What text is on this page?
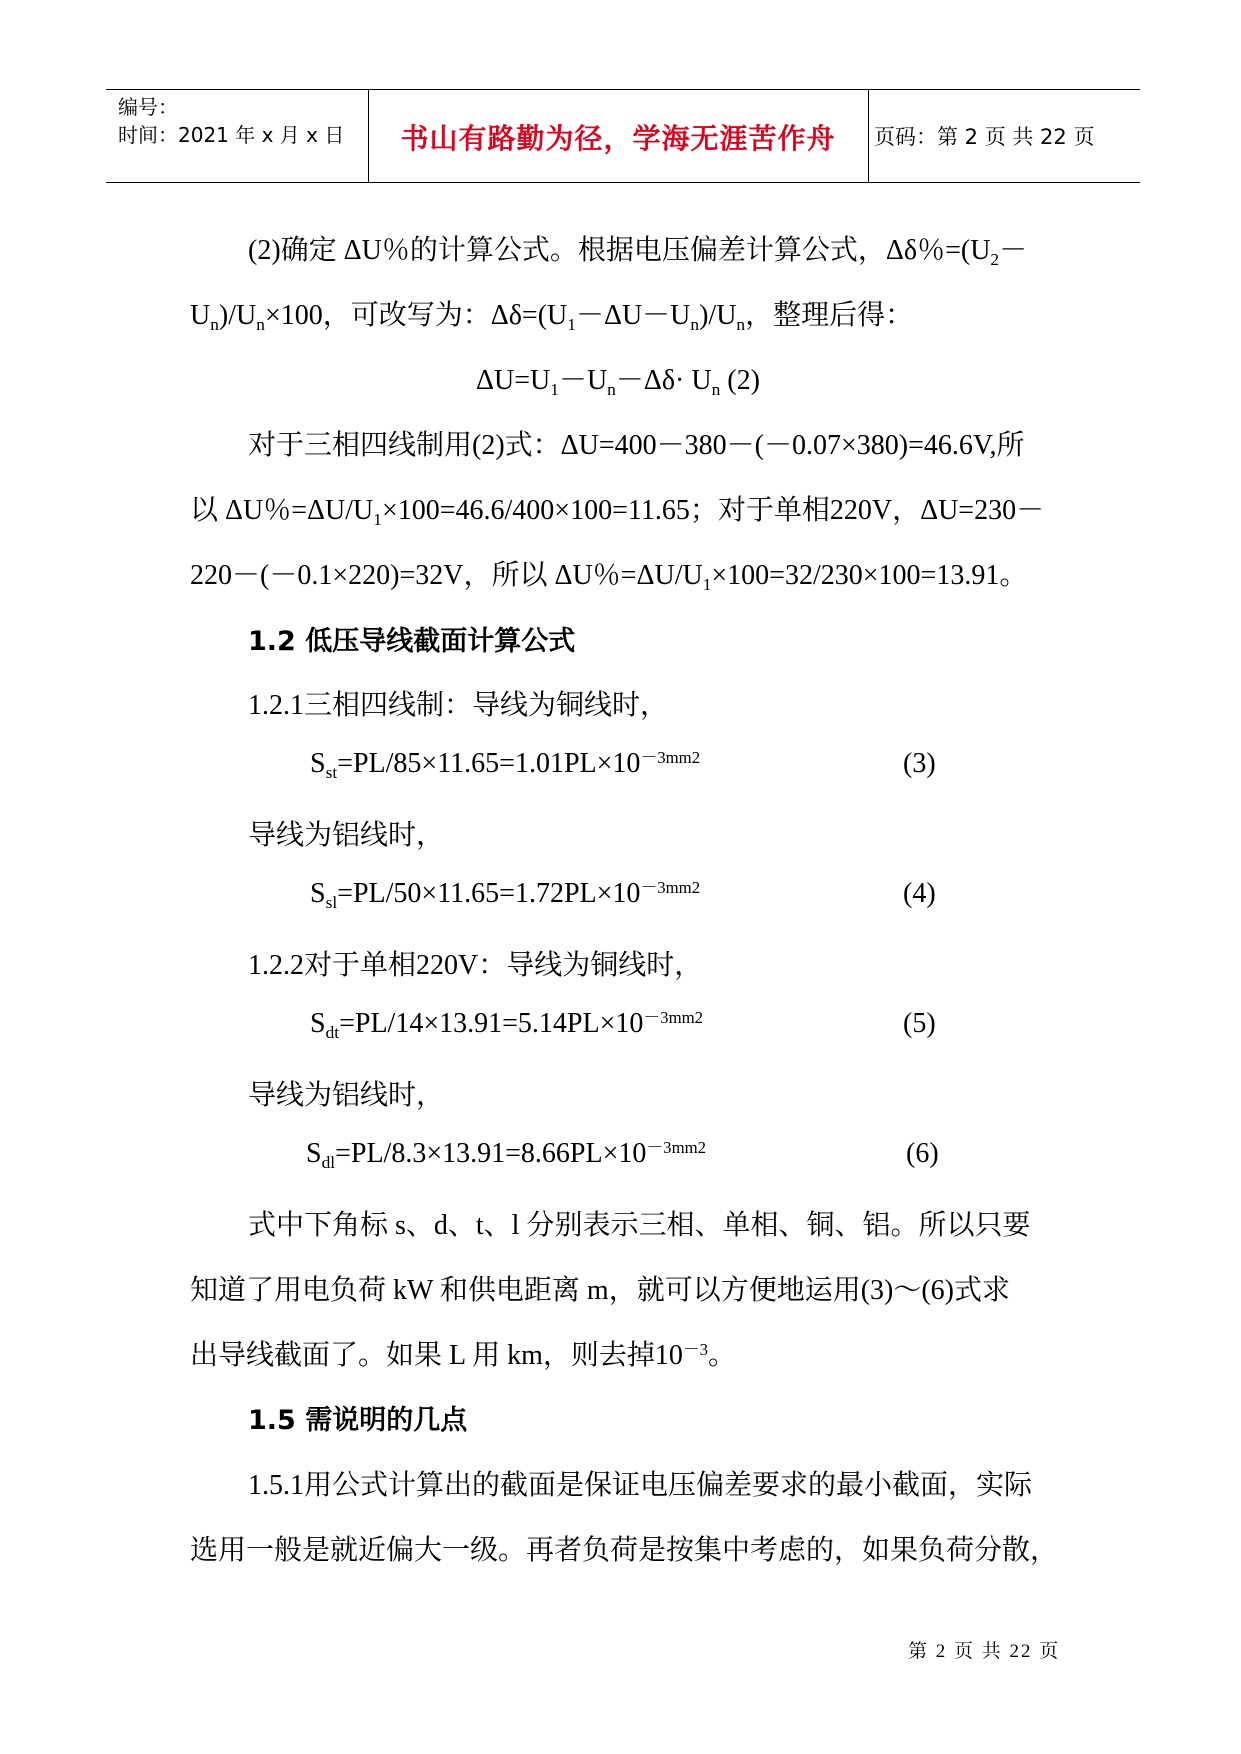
编号：
时间：2021 年 x 月 x 日	书山有路勤为径，学海无涯苦作舟	页码：第 2 页 共 22 页
(2)确定 ΔU％的计算公式。根据电压偏差计算公式，Δδ％$=(U_2-$
$U_n)/U_n\times 100$，可改写为：$\Delta\delta=(U_1-\Delta U-U_n)/U_n$，整理后得：
$\Delta U=U_1-U_n-\Delta\delta\cdot U_n$ (2)
对于三相四线制用(2)式：ΔU=400－380－(－0.07×380)=46.6V,所
以 ΔU％$=\Delta U/U_1\times 100=46.6/400\times 100=11.65$；对于单相220V，ΔU=230－
220－(－0.1×220)=32V，所以 ΔU％$=\Delta U/U_1\times 100=32/230\times 100=13.91$。
1.2 低压导线截面计算公式
1.2.1三相四线制：导线为铜线时，
$S_{st}=PL/85\times 11.65=1.01PL\times 10^{-3mm2}$	(3)
导线为铝线时，
$S_{sl}=PL/50\times 11.65=1.72PL\times 10^{-3mm2}$	(4)
1.2.2对于单相220V：导线为铜线时，
$S_{dt}=PL/14\times 13.91=5.14PL\times 10^{-3mm2}$	(5)
导线为铝线时，
$S_{dl}=PL/8.3\times 13.91=8.66PL\times 10^{-3mm2}$	(6)
式中下角标 s、d、t、l 分别表示三相、单相、铜、铝。所以只要
知道了用电负荷 kW 和供电距离 m，就可以方便地运用(3)～(6)式求
出导线截面了。如果 L 用 km，则去掉$10^{-3}$。
1.5 需说明的几点
1.5.1用公式计算出的截面是保证电压偏差要求的最小截面，实际
选用一般是就近偏大一级。再者负荷是按集中考虑的，如果负荷分散，
第 2 页 共 22 页
